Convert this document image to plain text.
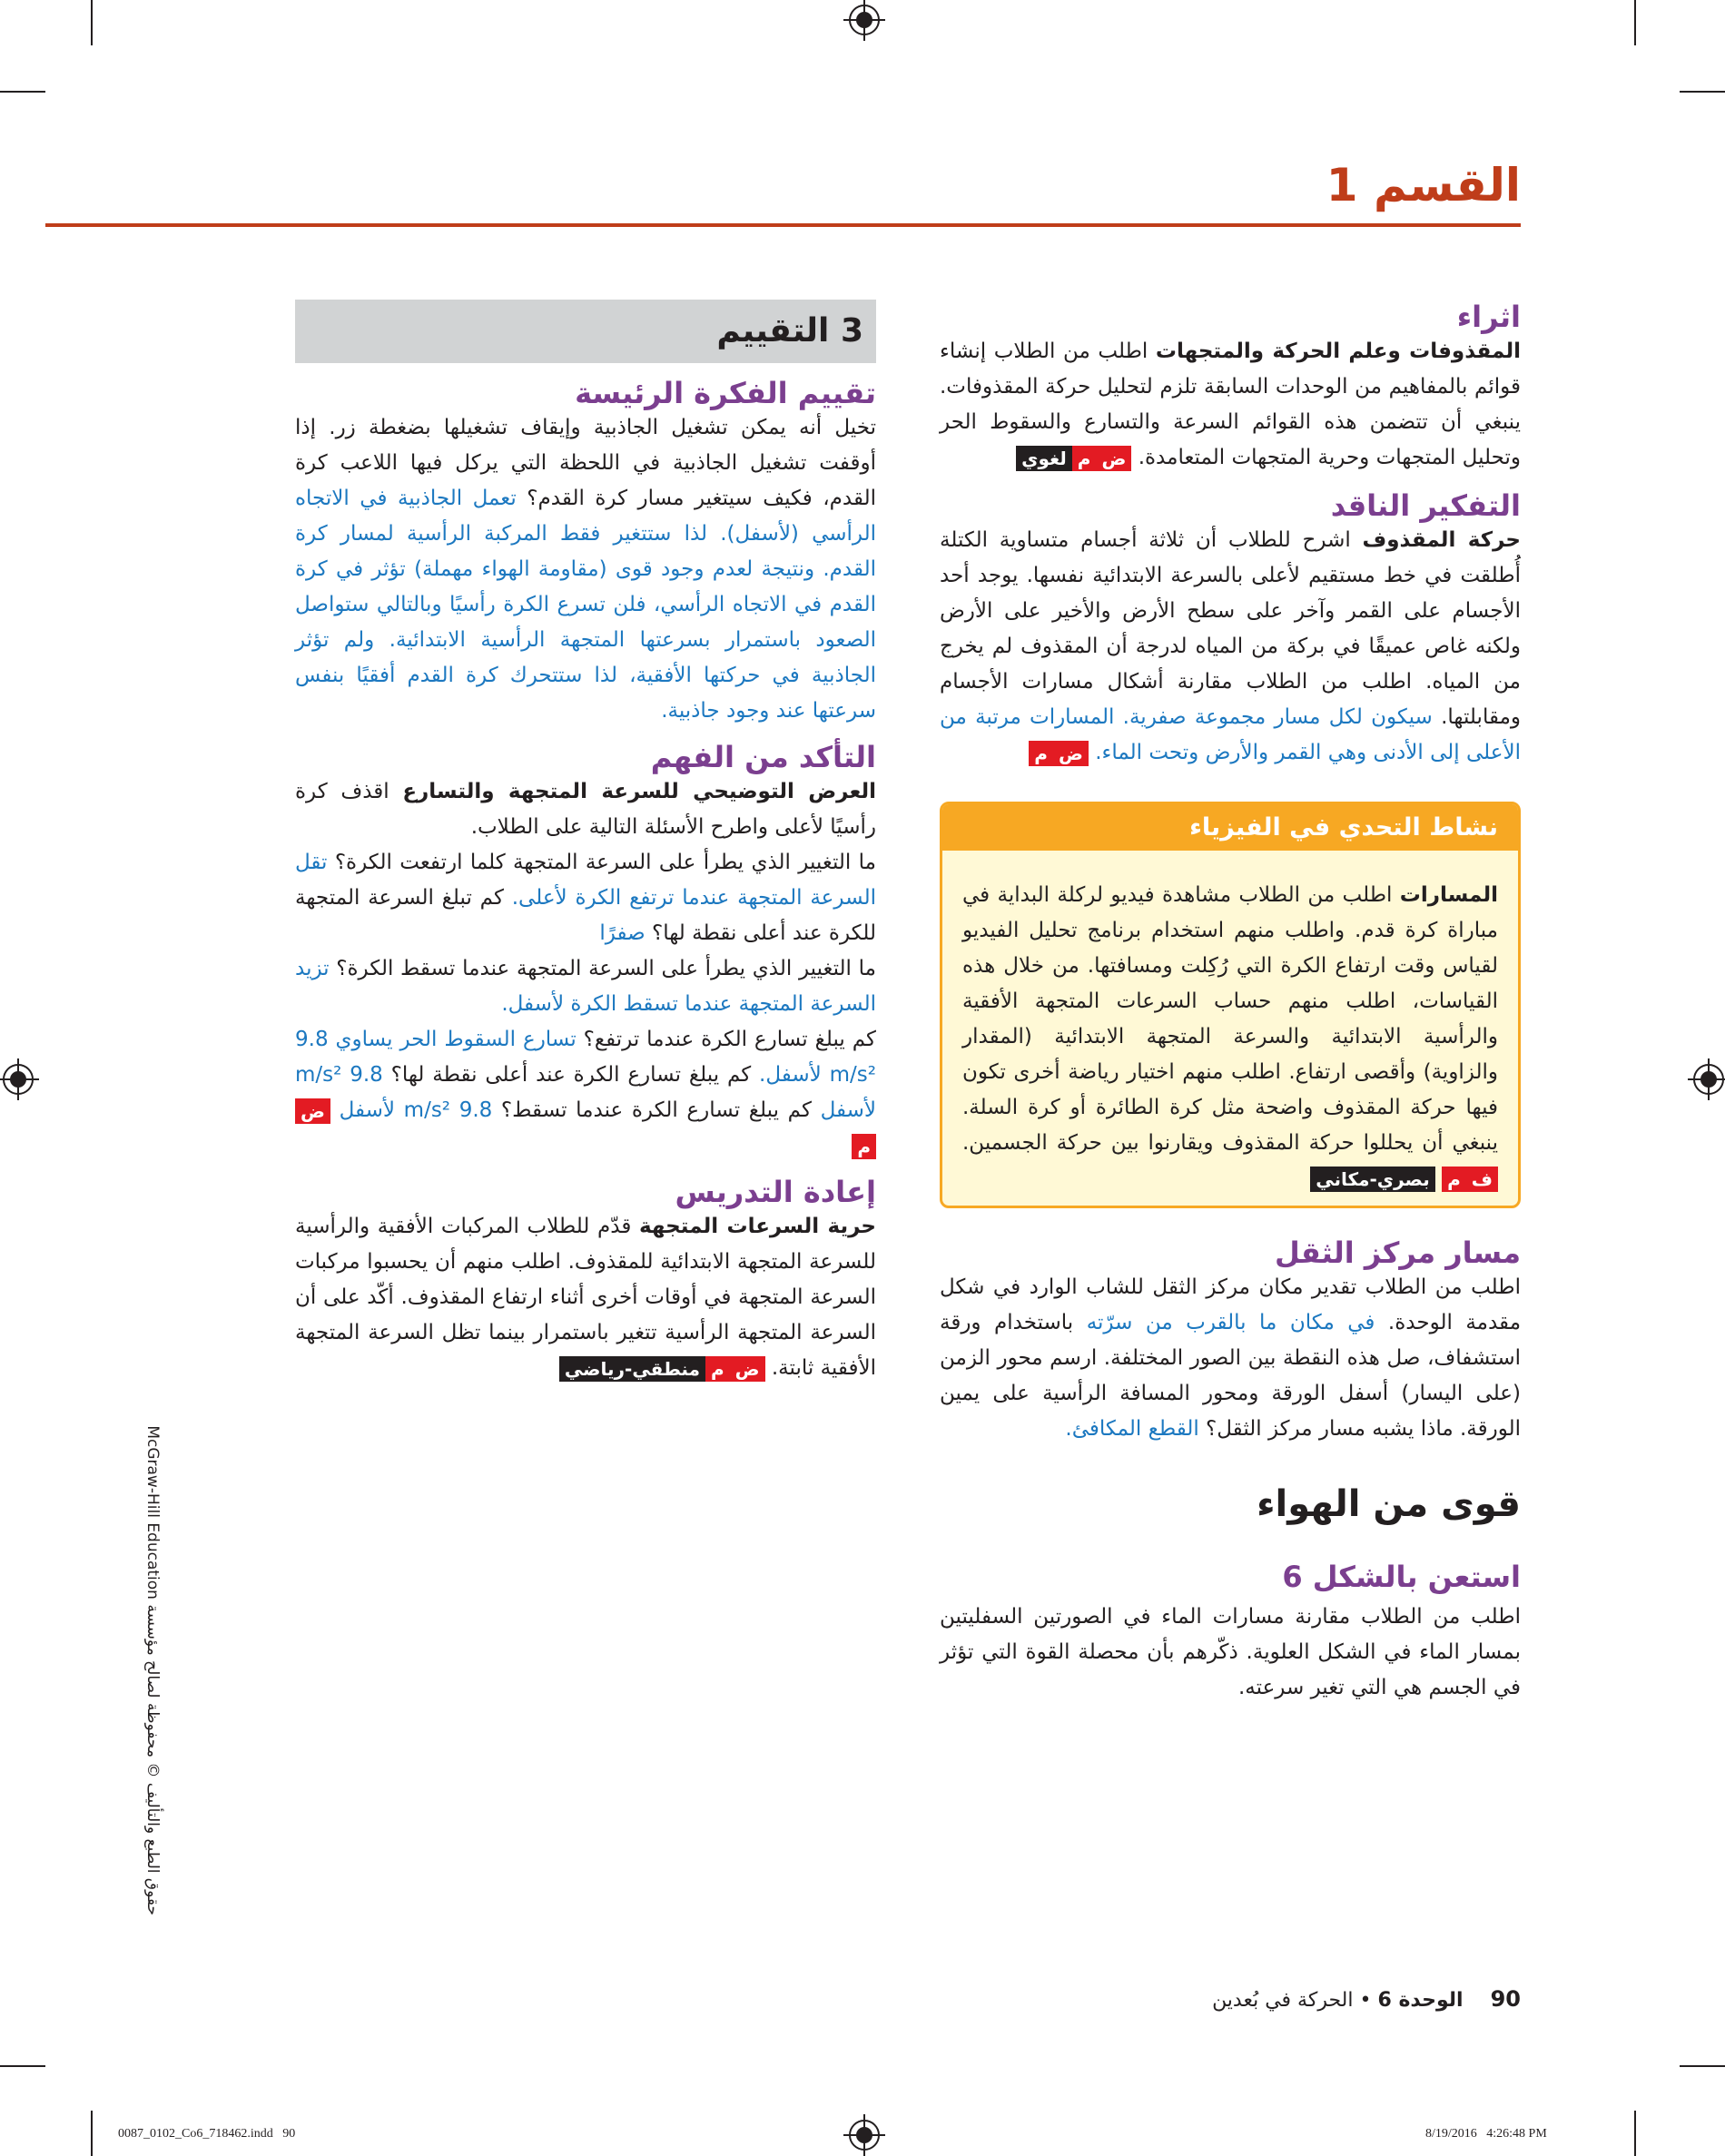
القسم 1
اثراء
المقذوفات وعلم الحركة والمتجهات اطلب من الطلاب إنشاء قوائم بالمفاهيم من الوحدات السابقة تلزم لتحليل حركة المقذوفات. ينبغي أن تتضمن هذه القوائم السرعة والتسارع والسقوط الحر وتحليل المتجهات وحرية المتجهات المتعامدة. ضملغوي
التفكير الناقد
حركة المقذوف اشرح للطلاب أن ثلاثة أجسام متساوية الكتلة أُطلقت في خط مستقيم لأعلى بالسرعة الابتدائية نفسها. يوجد أحد الأجسام على القمر وآخر على سطح الأرض والأخير على الأرض ولكنه غاص عميقًا في بركة من المياه لدرجة أن المقذوف لم يخرج من المياه. اطلب من الطلاب مقارنة أشكال مسارات الأجسام ومقابلتها. سيكون لكل مسار مجموعة صفرية. المسارات مرتبة من الأعلى إلى الأدنى وهي القمر والأرض وتحت الماء. ضم
نشاط التحدي في الفيزياء
المسارات اطلب من الطلاب مشاهدة فيديو لركلة البداية في مباراة كرة قدم. واطلب منهم استخدام برنامج تحليل الفيديو لقياس وقت ارتفاع الكرة التي رُكِلت ومسافتها. من خلال هذه القياسات، اطلب منهم حساب السرعات المتجهة الأفقية والرأسية الابتدائية والسرعة المتجهة الابتدائية (المقدار والزاوية) وأقصى ارتفاع. اطلب منهم اختيار رياضة أخرى تكون فيها حركة المقذوف واضحة مثل كرة الطائرة أو كرة السلة. ينبغي أن يحللوا حركة المقذوف ويقارنوا بين حركة الجسمين. فم بصري-مكاني
مسار مركز الثقل
اطلب من الطلاب تقدير مكان مركز الثقل للشاب الوارد في شكل مقدمة الوحدة. في مكان ما بالقرب من سرّته باستخدام ورقة استشفاف، صل هذه النقطة بين الصور المختلفة. ارسم محور الزمن (على اليسار) أسفل الورقة ومحور المسافة الرأسية على يمين الورقة. ماذا يشبه مسار مركز الثقل؟ القطع المكافئ.
قوى من الهواء
استعن بالشكل 6
اطلب من الطلاب مقارنة مسارات الماء في الصورتين السفليتين بمسار الماء في الشكل العلوية. ذكّرهم بأن محصلة القوة التي تؤثر في الجسم هي التي تغير سرعته.
3 التقييم
تقييم الفكرة الرئيسة
تخيل أنه يمكن تشغيل الجاذبية وإيقاف تشغيلها بضغطة زر. إذا أوقفت تشغيل الجاذبية في اللحظة التي يركل فيها اللاعب كرة القدم، فكيف سيتغير مسار كرة القدم؟ تعمل الجاذبية في الاتجاه الرأسي (لأسفل). لذا ستتغير فقط المركبة الرأسية لمسار كرة القدم. ونتيجة لعدم وجود قوى (مقاومة الهواء مهملة) تؤثر في كرة القدم في الاتجاه الرأسي، فلن تسرع الكرة رأسيًا وبالتالي ستواصل الصعود باستمرار بسرعتها المتجهة الرأسية الابتدائية. ولم تؤثر الجاذبية في حركتها الأفقية، لذا ستتحرك كرة القدم أفقيًا بنفس سرعتها عند وجود جاذبية.
التأكد من الفهم
العرض التوضيحي للسرعة المتجهة والتسارع اقذف كرة رأسيًا لأعلى واطرح الأسئلة التالية على الطلاب.
ما التغيير الذي يطرأ على السرعة المتجهة كلما ارتفعت الكرة؟ تقل السرعة المتجهة عندما ترتفع الكرة لأعلى. كم تبلغ السرعة المتجهة للكرة عند أعلى نقطة لها؟ صفرًا
ما التغيير الذي يطرأ على السرعة المتجهة عندما تسقط الكرة؟ تزيد السرعة المتجهة عندما تسقط الكرة لأسفل.
كم يبلغ تسارع الكرة عندما ترتفع؟ تسارع السقوط الحر يساوي 9.8 m/s² لأسفل. كم يبلغ تسارع الكرة عند أعلى نقطة لها؟ 9.8 m/s² لأسفل كم يبلغ تسارع الكرة عندما تسقط؟ 9.8 m/s² لأسفل ضم
إعادة التدريس
حرية السرعات المتجهة قدّم للطلاب المركبات الأفقية والرأسية للسرعة المتجهة الابتدائية للمقذوف. اطلب منهم أن يحسبوا مركبات السرعة المتجهة في أوقات أخرى أثناء ارتفاع المقذوف. أكّد على أن السرعة المتجهة الرأسية تتغير باستمرار بينما تظل السرعة المتجهة الأفقية ثابتة. ضممنطقي-رياضي
حقوق الطبع والتأليف © محفوظة لصالح مؤسسة McGraw-Hill Education
90  الوحدة 6 • الحركة في بُعدين
0087_0102_Co6_718462.indd   90	8/19/2016   4:26:48 PM
